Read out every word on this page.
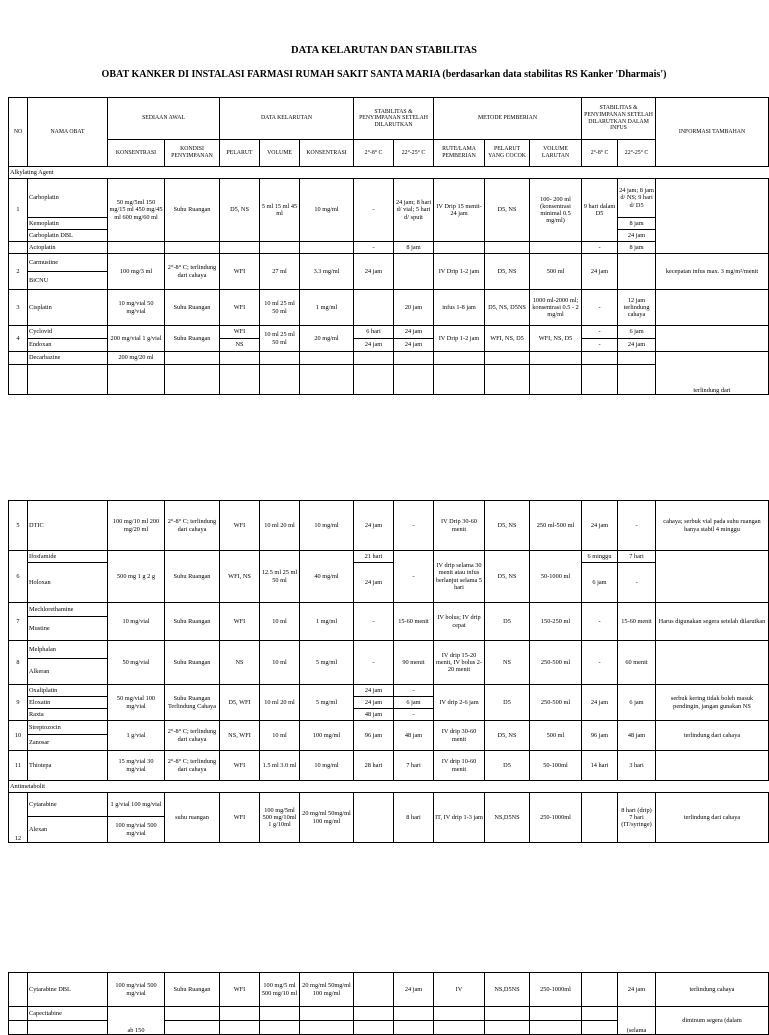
DATA KELARUTAN DAN STABILITAS
OBAT KANKER DI INSTALASI FARMASI RUMAH SAKIT SANTA MARIA (berdasarkan data stabilitas RS Kanker 'Dharmais')
NO	NAMA OBAT	SEDIAAN AWAL		DATA KELARUTAN			STABILITAS & PENYIMPANAN SETELAH DILARUTKAN		METODE PEMBERIAN			STABILITAS & PENYIMPANAN SETELAH DILARUTKAN DALAM INFUS		INFORMASI TAMBAHAN
		KONSENTRASI	KONDISI PENYIMPANAN	PELARUT	VOLUME	KONSENTRASI	2°-8° C	22°-25° C	RUTE/LAMA PEMBERIAN	PELARUT YANG COCOK	VOLUME LARUTAN	2°-8° C	22°-25° C	
Alkylating Agent														
1	Carboplatin	50 mg/5ml 150 mg/15 ml 450 mg/45 ml 600 mg/60 ml	Suhu Ruangan	D5, NS	5 ml 15 ml 45 ml	10 mg/ml	-	24 jam; 8 hari d/ vial; 5 hari d/ spuit	IV Drip 15 menit- 24 jam	D5, NS	100- 200 ml (konsentrasi minimal 0.5 mg/ml)	9 hari dalam D5	24 jam; 8 jam d/ NS; 9 hari d/ D5	
	Kemoplatin												8 jam	
	Carboplatin DBL												24 jam	
	Actoplatin						-	8 jam				-	8 jam	
2	Carmustine	100 mg/3 ml	2°-8° C; terlindung dari cahaya	WFI	27 ml	3.3 mg/ml	24 jam		IV Drip 1-2 jam	D5, NS	500 ml	24 jam		kecepatan infus max. 3 mg/m²/menit
	BiCNU													
3	Cisplatin	10 mg/vial 50 mg/vial	Suhu Ruangan	WFI	10 ml 25 ml 50 ml	1 mg/ml		20 jam	infus 1-8 jam	D5, NS, D5NS	1000 ml-2000 ml; konsentrasi 0.5 - 2 mg/ml	-	12 jam terlindung cahaya	
4	Cyclovid	200 mg/vial 1 g/vial	Suhu Ruangan	WFI	10 ml 25 ml 50 ml	20 mg/ml	6 hari	24 jam	IV Drip 1-2 jam	WFI, NS, D5	WFI, NS, D5	-	6 jam	
	Endoxan			NS			24 jam	24 jam				-	24 jam	
	Decarbazine	200 mg/20 ml												terlindung dari

5	DTIC	100 mg/10 ml 200 mg/20 ml	2°-8° C; terlindung dari cahaya	WFI	10 ml 20 ml	10 mg/ml	24 jam	-	IV Drip 30-60 menit	D5, NS	250 ml-500 ml	24 jam	-	cahaya; serbuk vial pada suhu ruangan hanya stabil 4 minggu
6	Ifosfamide	500 mg 1 g 2 g	Suhu Ruangan	WFI, NS	12.5 ml 25 ml 50 ml	40 mg/ml	21 hari	-	IV drip selama 30 menit atau infus berlanjut selama 5 hari	D5, NS	50-1000 ml	6 minggu	7 hari	
	Holoxan						24 jam					6 jam	-	
7	Mechlorethamine	10 mg/vial	Suhu Ruangan	WFI	10 ml	1 mg/ml	-	15-60 menit	IV bolus; IV drip cepat	D5	150-250 ml	-	15-60 menit	Harus digunakan segera setelah dilarutkan
	Mustine													
8	Melphalan	50 mg/vial	Suhu Ruangan	NS	10 ml	5 mg/ml	-	90 menit	IV drip 15-20 menit, IV bolus 2-20 menit	NS	250-500 ml	-	60 menit	
	Alkeran													
9	Oxaliplatin	50 mg/vial 100 mg/vial	Suhu Ruangan Terlindung Cahaya	D5, WFI	10 ml 20 ml	5 mg/ml	24 jam	-	IV drip 2-6 jam	D5	250-500 ml	24 jam	6 jam	serbuk kering tidak boleh masuk pendingin, jangan gunakan NS
	Eloxatin						24 jam	6 jam						
	Raxta						48 jam	-						
10	Streptozocin	1 g/vial	2°-8° C; terlindung dari cahaya	NS, WFI	10 ml	100 mg/ml	96 jam	48 jam	IV drip 30-60 menit	D5, NS	500 ml	96 jam	48 jam	terlindung dari cahaya
	Zanosar													
11	Thiotepa	15 mg/vial 30 mg/vial	2°-8° C; terlindung dari cahaya	WFI	1.5 ml 3.0 ml	10 mg/ml	28 hari	7 hari	IV drip 10-60 menit	D5	50-100ml	14 hari	3 hari	
Antimetabolit														
12	Cytarabine	1 g/vial 100 mg/vial	suhu ruangan	WFI	100 mg/5ml 500 mg/10ml 1 g/10ml	20 mg/ml 50mg/ml 100 mg/ml		8 hari	IT, IV drip 1-3 jam	NS,D5NS	250-1000ml		8 hari (drip) 7 hari (IT/syringe)	terlindung dari cahaya
	Alexan	100 mg/vial 500 mg/vial												
	Cytarabine DBL	100 mg/vial 500 mg/vial	Suhu Ruangan	WFI	100 mg/5 ml 500 mg/10 ml	20 mg/ml 50mg/ml 100 mg/ml		24 jam	IV	NS,D5NS	250-1000ml		24 jam	terlindung cahaya
	Capecitabine	ab 150											(selama	diminum segera (dalam
